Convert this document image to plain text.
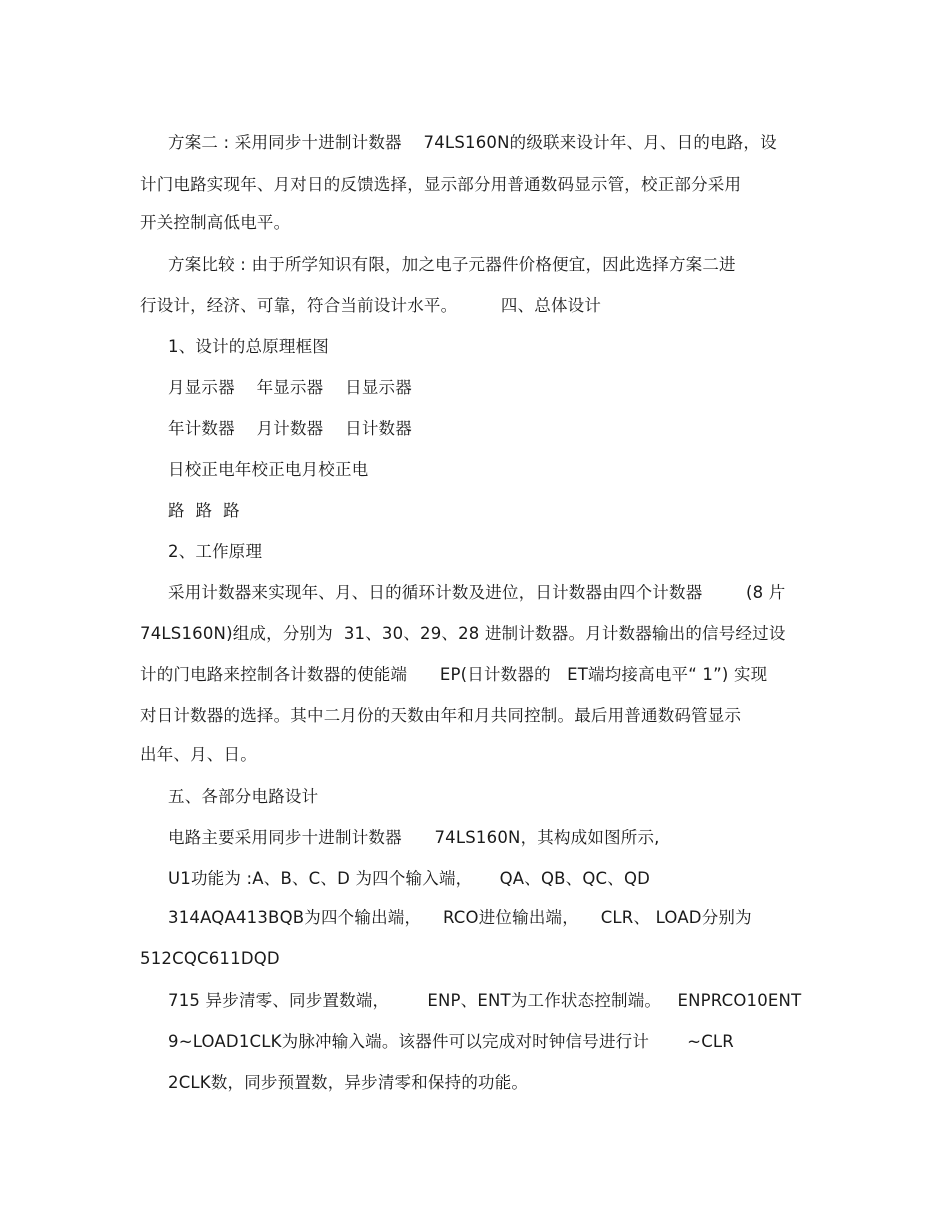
方案二 : 采用同步十进制计数器    74LS160N的级联来设计年、月、日的电路，设
计门电路实现年、月对日的反馈选择，显示部分用普通数码显示管，校正部分采用
开关控制高低电平。
方案比较 : 由于所学知识有限，加之电子元器件价格便宜，因此选择方案二进
行设计，经济、可靠，符合当前设计水平。        四、总体设计
1、设计的总原理框图
月显示器    年显示器    日显示器
年计数器    月计数器    日计数器
日校正电年校正电月校正电
路  路  路
2、工作原理
采用计数器来实现年、月、日的循环计数及进位，日计数器由四个计数器        (8 片
74LS160N)组成，分别为  31、30、29、28 进制计数器。月计数器输出的信号经过设
计的门电路来控制各计数器的使能端      EP(日计数器的   ET端均接高电平“ 1”) 实现
对日计数器的选择。其中二月份的天数由年和月共同控制。最后用普通数码管显示
出年、月、日。
五、各部分电路设计
电路主要采用同步十进制计数器      74LS160N，其构成如图所示,
U1功能为 :A、B、C、D 为四个输入端，     QA、QB、QC、QD
314AQA413BQB为四个输出端，    RCO进位输出端，    CLR、 LOAD分别为
512CQC611DQD
715 异步清零、同步置数端，       ENP、ENT为工作状态控制端。   ENPRCO10ENT
9~LOAD1CLK为脉冲输入端。该器件可以完成对时钟信号进行计       ~CLR
2CLK数，同步预置数，异步清零和保持的功能。
